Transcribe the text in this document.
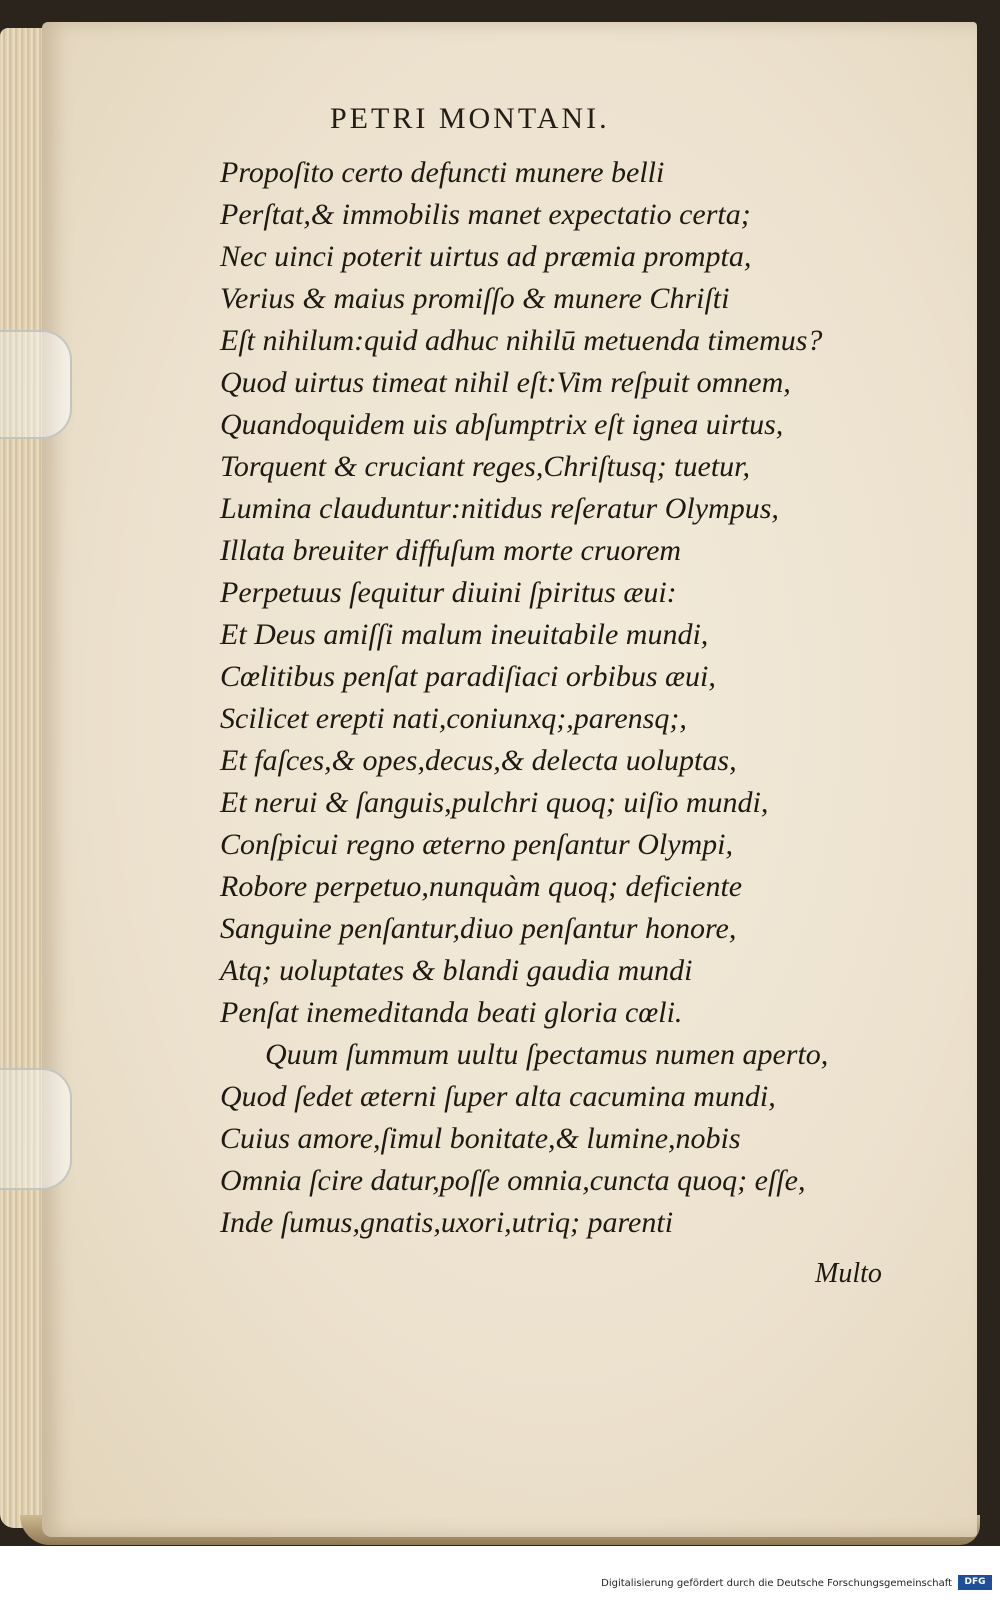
PETRI MONTANI.
Propoſito certo defuncti munere belli
Perſtat,& immobilis manet expectatio certa;
Nec uinci poterit uirtus ad præmia prompta,
Verius & maius promiſſo & munere Chriſti
Eſt nihilum:quid adhuc nihilū metuenda timemus?
Quod uirtus timeat nihil eſt:Vim reſpuit omnem,
Quandoquidem uis abſumptrix eſt ignea uirtus,
Torquent & cruciant reges,Chriſtusq; tuetur,
Lumina clauduntur:nitidus reſeratur Olympus,
Illata breuiter diffuſum morte cruorem
Perpetuus ſequitur diuini ſpiritus æui:
Et Deus amiſſi malum ineuitabile mundi,
Cœlitibus penſat paradiſiaci orbibus æui,
Scilicet erepti nati,coniunxq;,parensq;,
Et faſces,& opes,decus,& delecta uoluptas,
Et nerui & ſanguis,pulchri quoq; uiſio mundi,
Conſpicui regno æterno penſantur Olympi,
Robore perpetuo,nunquàm quoq; deficiente
Sanguine penſantur,diuo penſantur honore,
Atq; uoluptates & blandi gaudia mundi
Penſat inemeditanda beati gloria cœli.
Quum ſummum uultu ſpectamus numen aperto,
Quod ſedet æterni ſuper alta cacumina mundi,
Cuius amore,ſimul bonitate,& lumine,nobis
Omnia ſcire datur,poſſe omnia,cuncta quoq; eſſe,
Inde ſumus,gnatis,uxori,utriq; parenti
Multo
Digitalisierung gefördert durch die Deutsche Forschungsgemeinschaft	DFG
